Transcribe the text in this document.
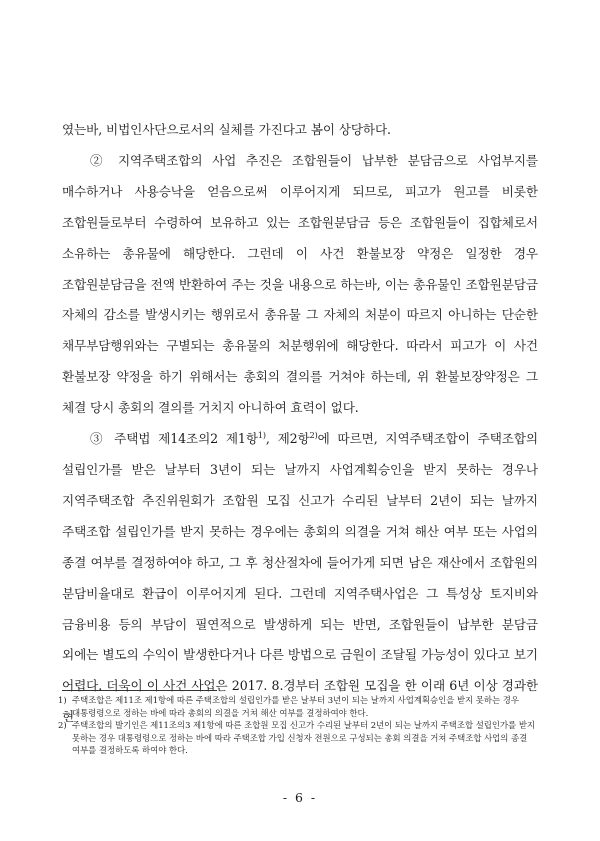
였는바, 비법인사단으로서의 실체를 가진다고 봄이 상당하다.

② 지역주택조합의 사업 추진은 조합원들이 납부한 분담금으로 사업부지를 매수하거나 사용승낙을 얻음으로써 이루어지게 되므로, 피고가 원고를 비롯한 조합원들로부터 수령하여 보유하고 있는 조합원분담금 등은 조합원들이 집합체로서 소유하는 총유물에 해당한다. 그런데 이 사건 환불보장 약정은 일정한 경우 조합원분담금을 전액 반환하여 주는 것을 내용으로 하는바, 이는 총유물인 조합원분담금 자체의 감소를 발생시키는 행위로서 총유물 그 자체의 처분이 따르지 아니하는 단순한 채무부담행위와는 구별되는 총유물의 처분행위에 해당한다. 따라서 피고가 이 사건 환불보장 약정을 하기 위해서는 총회의 결의를 거쳐야 하는데, 위 환불보장약정은 그 체결 당시 총회의 결의를 거치지 아니하여 효력이 없다.

③ 주택법 제14조의2 제1항$^{1)}$, 제2항$^{2)}$에 따르면, 지역주택조합이 주택조합의 설립인가를 받은 날부터 3년이 되는 날까지 사업계획승인을 받지 못하는 경우나 지역주택조합 추진위원회가 조합원 모집 신고가 수리된 날부터 2년이 되는 날까지 주택조합 설립인가를 받지 못하는 경우에는 총회의 의결을 거쳐 해산 여부 또는 사업의 종결 여부를 결정하여야 하고, 그 후 청산절차에 들어가게 되면 남은 재산에서 조합원의 분담비율대로 환급이 이루어지게 된다. 그런데 지역주택사업은 그 특성상 토지비와 금융비용 등의 부담이 필연적으로 발생하게 되는 반면, 조합원들이 납부한 분담금 외에는 별도의 수익이 발생한다거나 다른 방법으로 금원이 조달될 가능성이 있다고 보기 어렵다. 더욱이 이 사건 사업은 2017. 8.경부터 조합원 모집을 한 이래 6년 이상 경과한 현

1) 주택조합은 제11조 제1항에 따른 주택조합의 설립인가를 받은 날부터 3년이 되는 날까지 사업계획승인을 받지 못하는 경우 대통령령으로 정하는 바에 따라 총회의 의결을 거쳐 해산 여부를 결정하여야 한다.

2) 주택조합의 발기인은 제11조의3 제1항에 따른 조합원 모집 신고가 수리된 날부터 2년이 되는 날까지 주택조합 설립인가를 받지 못하는 경우 대통령령으로 정하는 바에 따라 주택조합 가입 신청자 전원으로 구성되는 총회 의결을 거쳐 주택조합 사업의 종결 여부를 결정하도록 하여야 한다.

- 6 -
